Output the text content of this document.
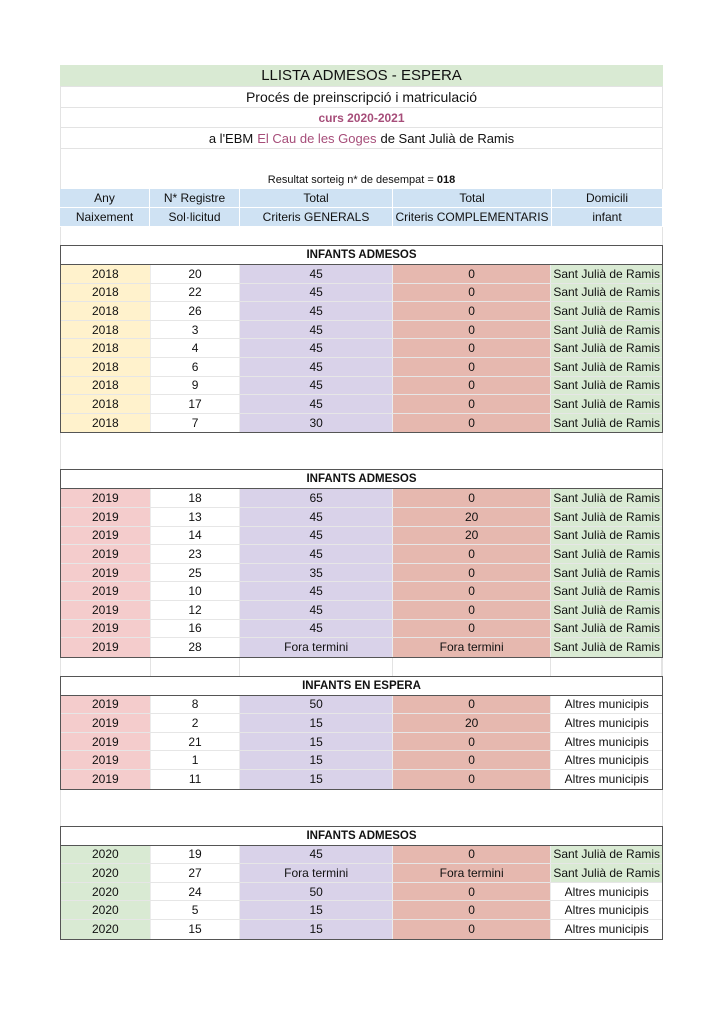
LLISTA ADMESOS - ESPERA
Procés de preinscripció i matriculació
curs 2020-2021
a l'EBM El Cau de les Goges de Sant Julià de Ramis
Resultat sorteig n* de desempat =
018
Any	N* Registre	Total	Total	Domicili
Naixement	Sol·licitud	Criteris GENERALS	Criteris COMPLEMENTARIS	infant
INFANTS ADMESOS
2018	20	45	0	Sant Julià de Ramis
2018	22	45	0	Sant Julià de Ramis
2018	26	45	0	Sant Julià de Ramis
2018	3	45	0	Sant Julià de Ramis
2018	4	45	0	Sant Julià de Ramis
2018	6	45	0	Sant Julià de Ramis
2018	9	45	0	Sant Julià de Ramis
2018	17	45	0	Sant Julià de Ramis
2018	7	30	0	Sant Julià de Ramis
INFANTS ADMESOS
2019	18	65	0	Sant Julià de Ramis
2019	13	45	20	Sant Julià de Ramis
2019	14	45	20	Sant Julià de Ramis
2019	23	45	0	Sant Julià de Ramis
2019	25	35	0	Sant Julià de Ramis
2019	10	45	0	Sant Julià de Ramis
2019	12	45	0	Sant Julià de Ramis
2019	16	45	0	Sant Julià de Ramis
2019	28	Fora termini	Fora termini	Sant Julià de Ramis
INFANTS EN ESPERA
2019	8	50	0	Altres municipis
2019	2	15	20	Altres municipis
2019	21	15	0	Altres municipis
2019	1	15	0	Altres municipis
2019	11	15	0	Altres municipis
INFANTS ADMESOS
2020	19	45	0	Sant Julià de Ramis
2020	27	Fora termini	Fora termini	Sant Julià de Ramis
2020	24	50	0	Altres municipis
2020	5	15	0	Altres municipis
2020	15	15	0	Altres municipis
